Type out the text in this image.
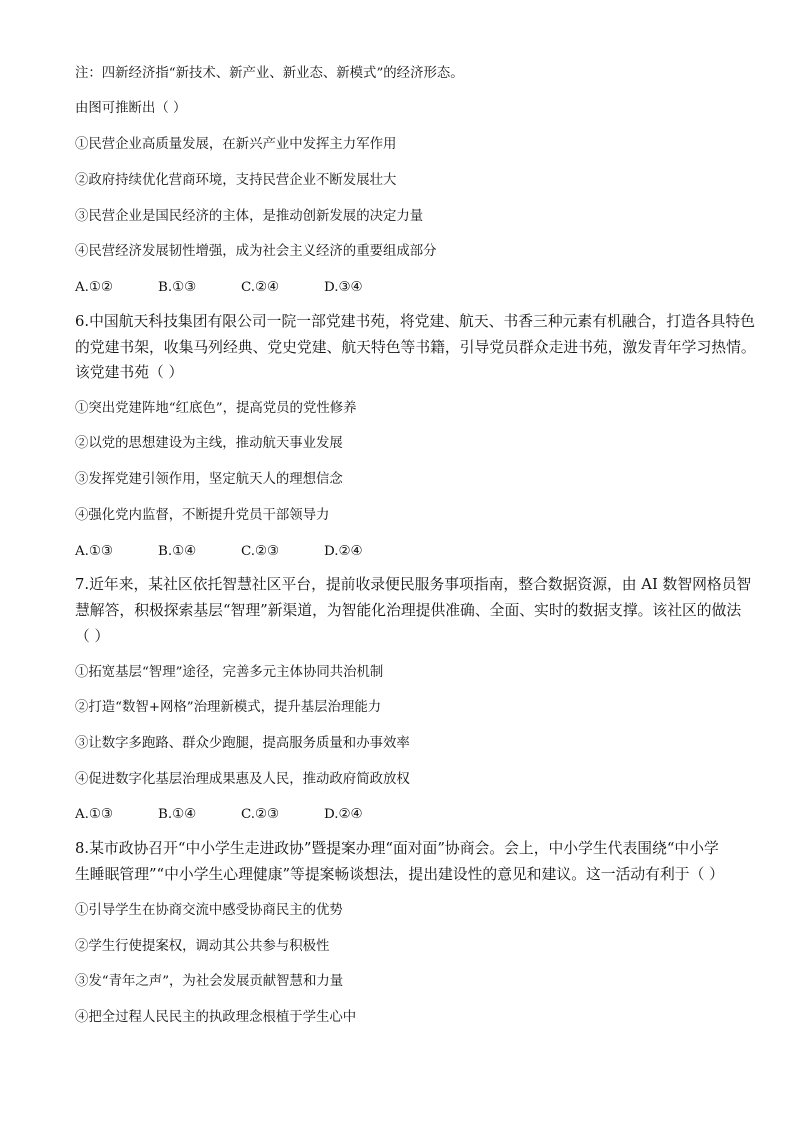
注：四新经济指“新技术、新产业、新业态、新模式”的经济形态。
由图可推断出（ ）
①民营企业高质量发展，在新兴产业中发挥主力军作用
②政府持续优化营商环境，支持民营企业不断发展壮大
③民营企业是国民经济的主体，是推动创新发展的决定力量
④民营经济发展韧性增强，成为社会主义经济的重要组成部分
A.①②	B.①③	C.②④	D.③④
6.中国航天科技集团有限公司一院一部党建书苑，将党建、航天、书香三种元素有机融合，打造各具特色
的党建书架，收集马列经典、党史党建、航天特色等书籍，引导党员群众走进书苑，激发青年学习热情。
该党建书苑（ ）
①突出党建阵地“红底色”，提高党员的党性修养
②以党的思想建设为主线，推动航天事业发展
③发挥党建引领作用，坚定航天人的理想信念
④强化党内监督，不断提升党员干部领导力
A.①③	B.①④	C.②③	D.②④
7.近年来，某社区依托智慧社区平台，提前收录便民服务事项指南，整合数据资源，由 AI 数智网格员智
慧解答，积极探索基层“智理”新渠道，为智能化治理提供准确、全面、实时的数据支撑。该社区的做法
（ ）
①拓宽基层“智理”途径，完善多元主体协同共治机制
②打造“数智+网格”治理新模式，提升基层治理能力
③让数字多跑路、群众少跑腿，提高服务质量和办事效率
④促进数字化基层治理成果惠及人民，推动政府简政放权
A.①③	B.①④	C.②③	D.②④
8.某市政协召开“中小学生走进政协”暨提案办理“面对面”协商会。会上，中小学生代表围绕“中小学
生睡眠管理”“中小学生心理健康”等提案畅谈想法，提出建设性的意见和建议。这一活动有利于（ ）
①引导学生在协商交流中感受协商民主的优势
②学生行使提案权，调动其公共参与积极性
③发“青年之声”，为社会发展贡献智慧和力量
④把全过程人民民主的执政理念根植于学生心中
